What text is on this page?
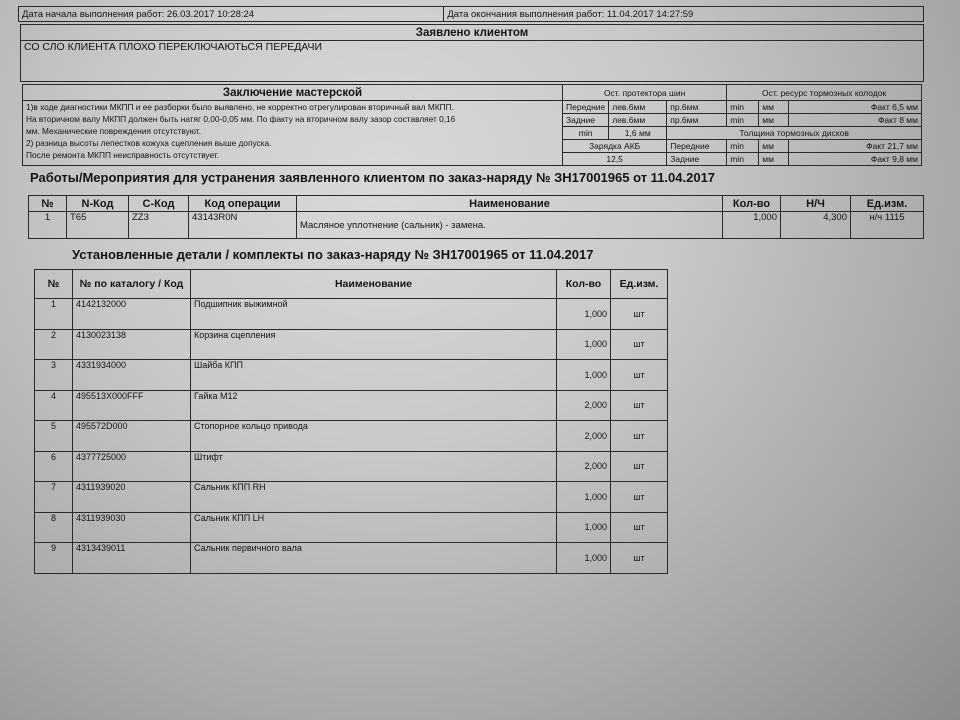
Дата начала выполнения работ: 26.03.2017 10:28:24	Дата окончания выполнения работ: 11.04.2017 14:27:59
Заявлено клиентом
СО СЛО КЛИЕНТА ПЛОХО ПЕРЕКЛЮЧАЮТЬСЯ ПЕРЕДАЧИ
Заключение мастерской	Ост. протектора шин			Ост. ресурс тормозных колодок		

1)в ходе диагностики МКПП и ее разборки было выявлено, не корректно отрегулирован вторичный вал МКПП.
На вторичном валу МКПП должен быть натяг 0,00-0,05 мм. По факту на вторичном валу зазор составляет 0,16
мм. Механические повреждения отсутствуют.
2) разница высоты лепестков кожуха сцепления выше допуска.
После ремонта МКПП неисправность отсутствует.	Передние	лев.6мм	пр.6мм	min	мм	Факт 6,5 мм
	Задние	лев.6мм	пр.6мм	min	мм	Факт 8 мм
	min	1,6 мм	Толщина тормозных дисков			
	Зарядка АКБ		Передние	min	мм	Факт 21,7 мм
	12,5		Задние	min	мм	Факт 9,8 мм
Работы/Мероприятия для устранения заявленного клиентом по заказ-наряду № ЗН17001965 от 11.04.2017
№	N-Код	С-Код	Код операции	Наименование	Кол-во	Н/Ч	Ед.изм.
1	T65	ZZ3	43143R0N	Масляное уплотнение (сальник) - замена.	1,000	4,300	н/ч 1115
Установленные детали / комплекты по заказ-наряду № ЗН17001965 от 11.04.2017
№	№ по каталогу / Код	Наименование	Кол-во	Ед.изм.
1	4142132000	Подшипник выжимной	1,000	шт
2	4130023138	Корзина сцепления	1,000	шт
3	4331934000	Шайба КПП	1,000	шт
4	495513X000FFF	Гайка М12	2,000	шт
5	495572D000	Стопорное кольцо привода	2,000	шт
6	4377725000	Штифт	2,000	шт
7	4311939020	Сальник КПП RH	1,000	шт
8	4311939030	Сальник КПП LH	1,000	шт
9	4313439011	Сальник первичного вала	1,000	шт
